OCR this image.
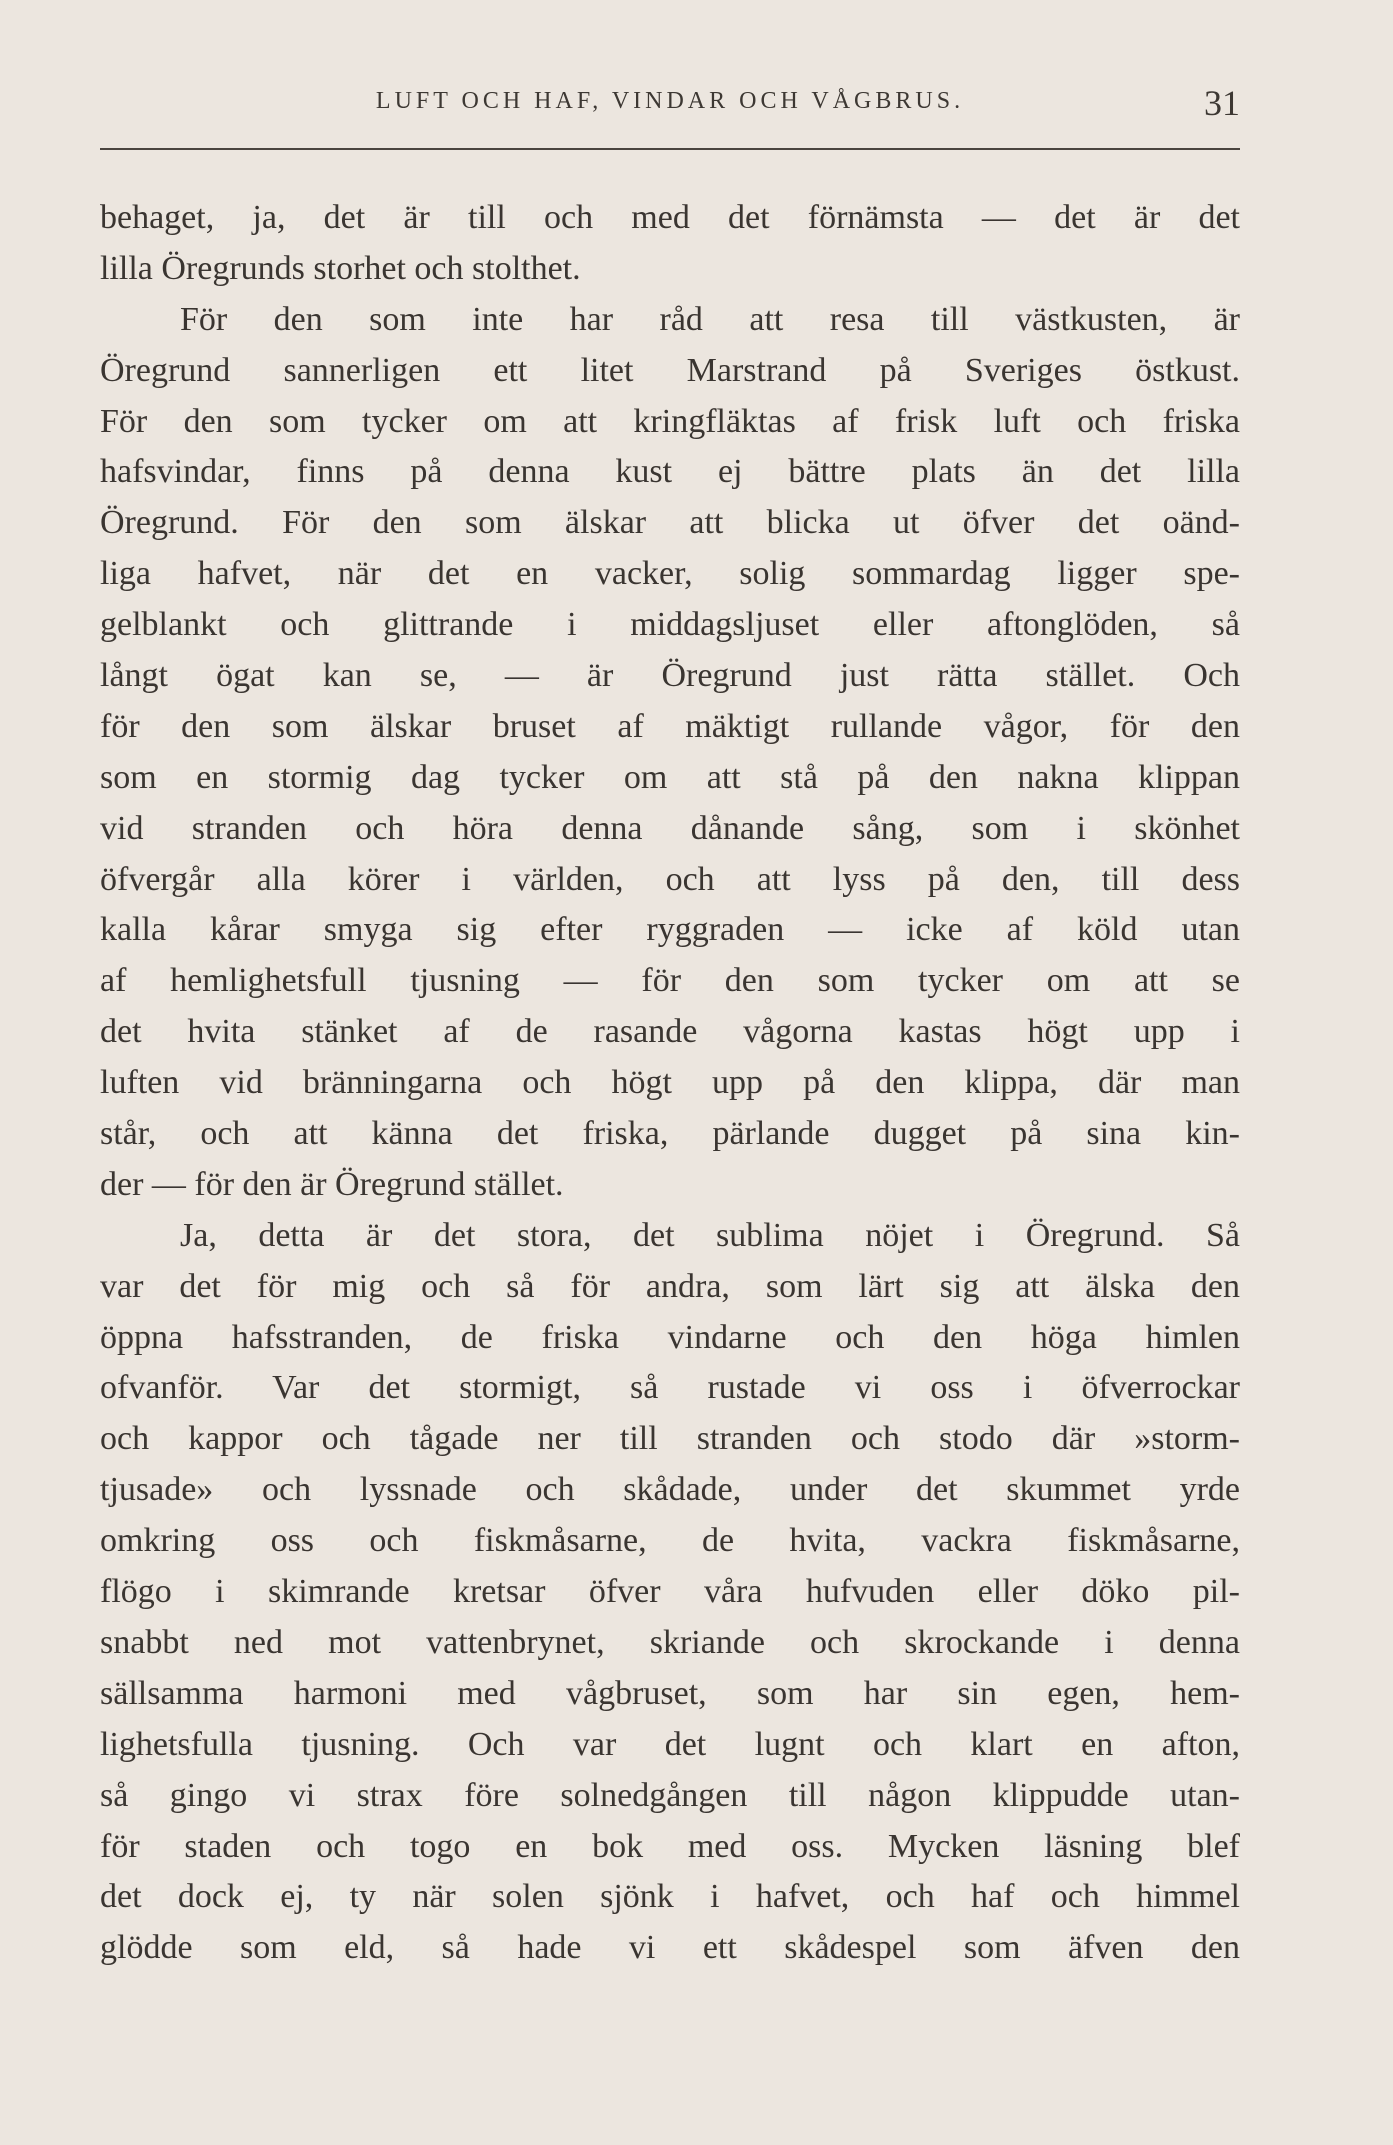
LUFT OCH HAF, VINDAR OCH VÅGBRUS.	31
behaget, ja, det är till och med det förnämsta — det är det
lilla Öregrunds storhet och stolthet.
För den som inte har råd att resa till västkusten, är
Öregrund sannerligen ett litet Marstrand på Sveriges östkust.
För den som tycker om att kringfläktas af frisk luft och friska
hafsvindar, finns på denna kust ej bättre plats än det lilla
Öregrund. För den som älskar att blicka ut öfver det oänd-
liga hafvet, när det en vacker, solig sommardag ligger spe-
gelblankt och glittrande i middagsljuset eller aftonglöden, så
långt ögat kan se, — är Öregrund just rätta stället. Och
för den som älskar bruset af mäktigt rullande vågor, för den
som en stormig dag tycker om att stå på den nakna klippan
vid stranden och höra denna dånande sång, som i skönhet
öfvergår alla körer i världen, och att lyss på den, till dess
kalla kårar smyga sig efter ryggraden — icke af köld utan
af hemlighetsfull tjusning — för den som tycker om att se
det hvita stänket af de rasande vågorna kastas högt upp i
luften vid bränningarna och högt upp på den klippa, där man
står, och att känna det friska, pärlande dugget på sina kin-
der — för den är Öregrund stället.
Ja, detta är det stora, det sublima nöjet i Öregrund. Så
var det för mig och så för andra, som lärt sig att älska den
öppna hafsstranden, de friska vindarne och den höga himlen
ofvanför. Var det stormigt, så rustade vi oss i öfverrockar
och kappor och tågade ner till stranden och stodo där »storm-
tjusade» och lyssnade och skådade, under det skummet yrde
omkring oss och fiskmåsarne, de hvita, vackra fiskmåsarne,
flögo i skimrande kretsar öfver våra hufvuden eller döko pil-
snabbt ned mot vattenbrynet, skriande och skrockande i denna
sällsamma harmoni med vågbruset, som har sin egen, hem-
lighetsfulla tjusning. Och var det lugnt och klart en afton,
så gingo vi strax före solnedgången till någon klippudde utan-
för staden och togo en bok med oss. Mycken läsning blef
det dock ej, ty när solen sjönk i hafvet, och haf och himmel
glödde som eld, så hade vi ett skådespel som äfven den
